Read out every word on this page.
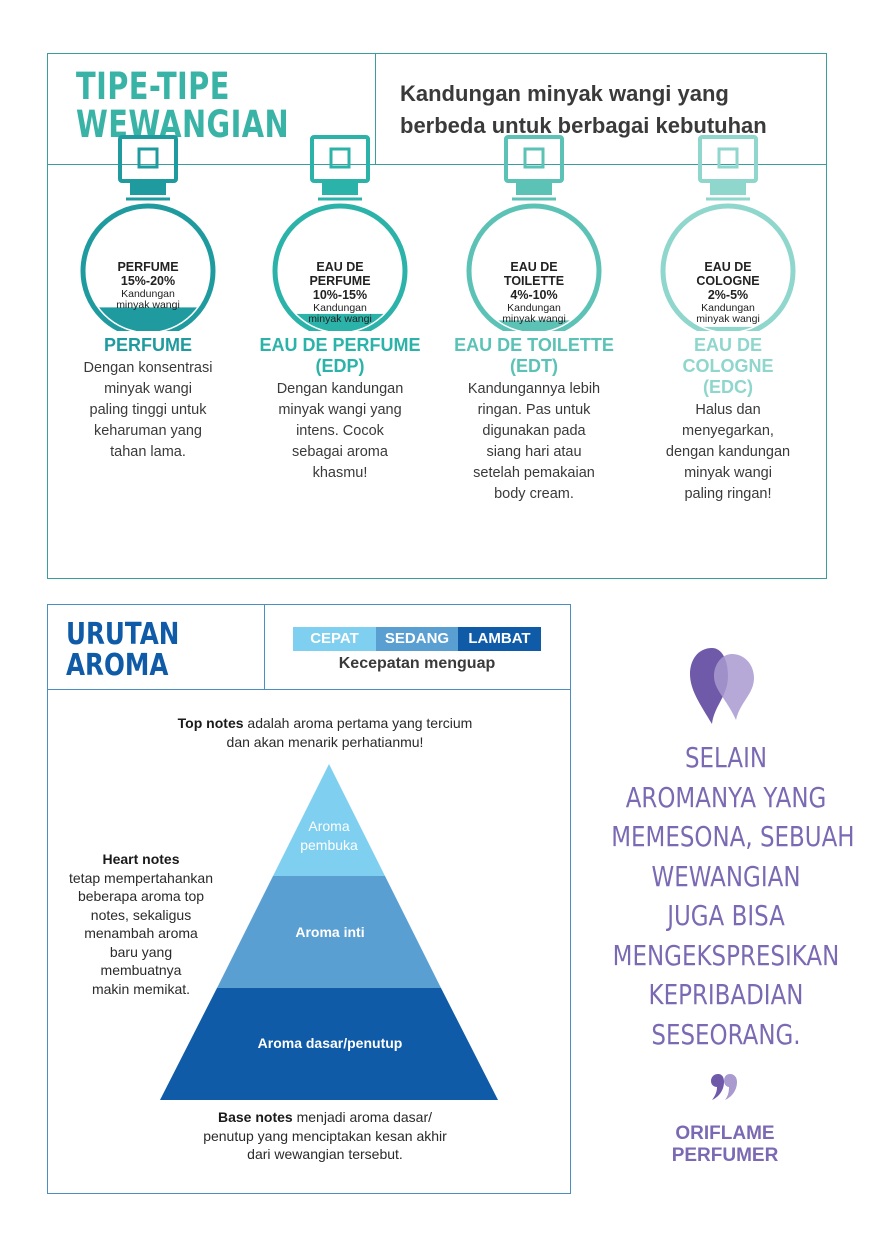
TIPE-TIPE
WEWANGIAN
Kandungan minyak wangi yang
berbeda untuk berbagai kebutuhan
PERFUME
15%-20%
Kandungan
minyak wangi
PERFUME
Dengan konsentrasi
minyak wangi
paling tinggi untuk
keharuman yang
tahan lama.
EAU DE
PERFUME
10%-15%
Kandungan
minyak wangi
EAU DE PERFUME
(EDP)
Dengan kandungan
minyak wangi yang
intens. Cocok
sebagai aroma
khasmu!
EAU DE
TOILETTE
4%-10%
Kandungan
minyak wangi
EAU DE TOILETTE
(EDT)
Kandungannya lebih
ringan. Pas untuk
digunakan pada
siang hari atau
setelah pemakaian
body cream.
EAU DE
COLOGNE
2%-5%
Kandungan
minyak wangi
EAU DE
COLOGNE
(EDC)
Halus dan
menyegarkan,
dengan kandungan
minyak wangi
paling ringan!
URUTAN
AROMA
CEPAT	SEDANG	LAMBAT
Kecepatan menguap
Top notes adalah aroma pertama yang tercium
dan akan menarik perhatianmu!
Heart notes
tetap mempertahankan
beberapa aroma top
notes, sekaligus
menambah aroma
baru yang
membuatnya
makin memikat.
Aroma
pembuka
Aroma inti
Aroma dasar/penutup
Base notes menjadi aroma dasar/
penutup yang menciptakan kesan akhir
dari wewangian tersebut.
SELAIN
AROMANYA YANG
MEMESONA, SEBUAH
WEWANGIAN
JUGA BISA
MENGEKSPRESIKAN
KEPRIBADIAN
SESEORANG.
ORIFLAME
PERFUMER
